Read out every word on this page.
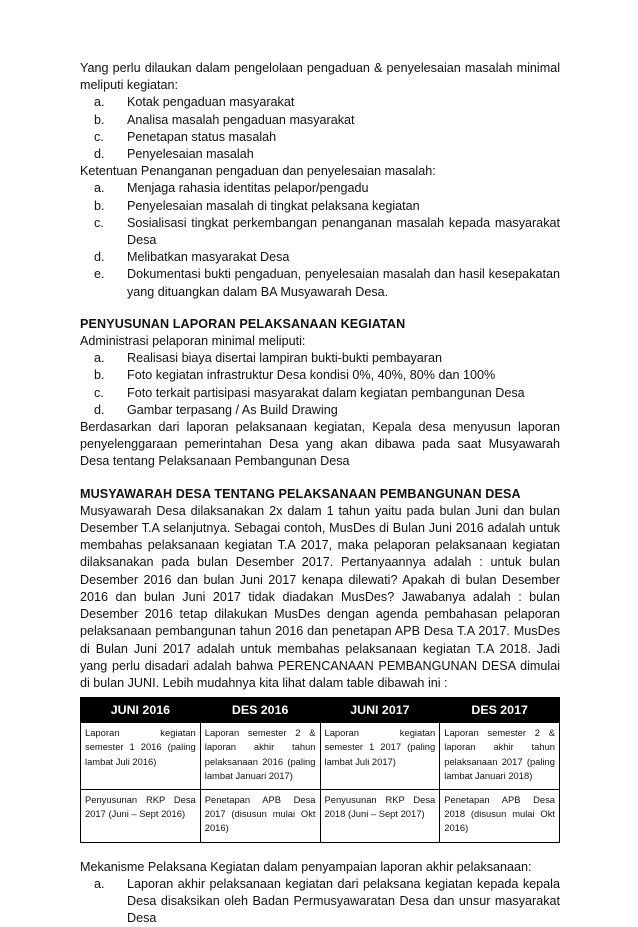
Yang perlu dilaukan dalam pengelolaan pengaduan & penyelesaian masalah minimal meliputi kegiatan:

a. Kotak pengaduan masyarakat
b. Analisa masalah pengaduan masyarakat
c. Penetapan status masalah
d. Penyelesaian masalah

Ketentuan Penanganan pengaduan dan penyelesaian masalah:

a. Menjaga rahasia identitas pelapor/pengadu
b. Penyelesaian masalah di tingkat pelaksana kegiatan
c. Sosialisasi tingkat perkembangan penanganan masalah kepada masyarakat Desa
d. Melibatkan masyarakat Desa
e. Dokumentasi bukti pengaduan, penyelesaian masalah dan hasil kesepakatan yang dituangkan dalam BA Musyawarah Desa.

PENYUSUNAN LAPORAN PELAKSANAAN KEGIATAN

Administrasi pelaporan minimal meliputi:

a. Realisasi biaya disertai lampiran bukti-bukti pembayaran
b. Foto kegiatan infrastruktur Desa kondisi 0%, 40%, 80% dan 100%
c. Foto terkait partisipasi masyarakat dalam kegiatan pembangunan Desa
d. Gambar terpasang / As Build Drawing

Berdasarkan dari laporan pelaksanaan kegiatan, Kepala desa menyusun laporan penyelenggaraan pemerintahan Desa yang akan dibawa pada saat Musyawarah Desa tentang Pelaksanaan Pembangunan Desa

MUSYAWARAH DESA TENTANG PELAKSANAAN PEMBANGUNAN DESA

Musyawarah Desa dilaksanakan 2x dalam 1 tahun yaitu pada bulan Juni dan bulan Desember T.A selanjutnya. Sebagai contoh, MusDes di Bulan Juni 2016 adalah untuk membahas pelaksanaan kegiatan T.A 2017, maka pelaporan pelaksanaan kegiatan dilaksanakan pada bulan Desember 2017. Pertanyaannya adalah : untuk bulan Desember 2016 dan bulan Juni 2017 kenapa dilewati? Apakah di bulan Desember 2016 dan bulan Juni 2017 tidak diadakan MusDes? Jawabanya adalah : bulan Desember 2016 tetap dilakukan MusDes dengan agenda pembahasan pelaporan pelaksanaan pembangunan tahun 2016 dan penetapan APB Desa T.A 2017. MusDes di Bulan Juni 2017 adalah untuk membahas pelaksanaan kegiatan T.A 2018. Jadi yang perlu disadari adalah bahwa PERENCANAAN PEMBANGUNAN DESA dimulai di bulan JUNI. Lebih mudahnya kita lihat dalam table dibawah ini :

JUNI 2016	DES 2016	JUNI 2017	DES 2017
Laporan kegiatan semester 1 2016 (paling lambat Juli 2016)	Laporan semester 2 & laporan akhir tahun pelaksanaan 2016 (paling lambat Januari 2017)	Laporan kegiatan semester 1 2017 (paling lambat Juli 2017)	Laporan semester 2 & laporan akhir tahun pelaksanaan 2017 (paling lambat Januari 2018)
Penyusunan RKP Desa 2017 (Juni – Sept 2016)	Penetapan APB Desa 2017 (disusun mulai Okt 2016)	Penyusunan RKP Desa 2018 (Juni – Sept 2017)	Penetapan APB Desa 2018 (disusun mulai Okt 2016)

Mekanisme Pelaksana Kegiatan dalam penyampaian laporan akhir pelaksanaan:

a. Laporan akhir pelaksanaan kegiatan dari pelaksana kegiatan kepada kepala Desa disaksikan oleh Badan Permusyawaratan Desa dan unsur masyarakat Desa
